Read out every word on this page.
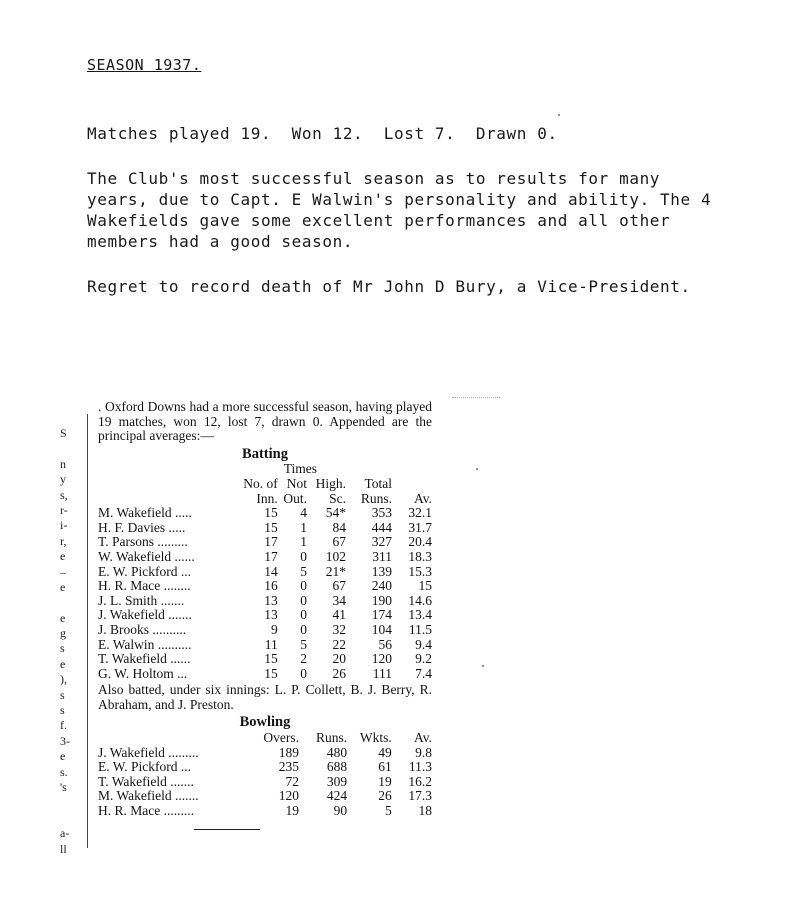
SEASON 1937.
Matches played 19.  Won 12.  Lost 7.  Drawn 0.

The Club's most successful season as to results for many years, due to Capt. E Walwin's personality and ability. The 4 Wakefields gave some excellent performances and all other members had a good season.

Regret to record death of Mr John D Bury, a Vice-President.

S
n
y
s,
r-
i-
r,
e
–
e
e
g
s
e
),
s
s
f.
3-
e
s.
's
a-
ll

. Oxford Downs had a more successful season, having played 19 matches, won 12, lost 7, drawn 0. Appended are the principal averages:—

Batting
		Times			
	No. of	Not	High.	Total	
	Inn.	Out.	Sc.	Runs.	Av.
M. Wakefield .....	15	4	54*	353	32.1
H. F. Davies .....	15	1	84	444	31.7
T. Parsons .........	17	1	67	327	20.4
W. Wakefield ......	17	0	102	311	18.3
E. W. Pickford ...	14	5	21*	139	15.3
H. R. Mace ........	16	0	67	240	15
J. L. Smith .......	13	0	34	190	14.6
J. Wakefield .......	13	0	41	174	13.4
J. Brooks ..........	9	0	32	104	11.5
E. Walwin ..........	11	5	22	56	9.4
T. Wakefield ......	15	2	20	120	9.2
G. W. Holtom ...	15	0	26	111	7.4

Also batted, under six innings: L. P. Collett, B. J. Berry, R. Abraham, and J. Preston.

Bowling
	Overs.	Runs.	Wkts.	Av.
J. Wakefield .........	189	480	49	9.8
E. W. Pickford ...	235	688	61	11.3
T. Wakefield .......	72	309	19	16.2
M. Wakefield .......	120	424	26	17.3
H. R. Mace .........	19	90	5	18
